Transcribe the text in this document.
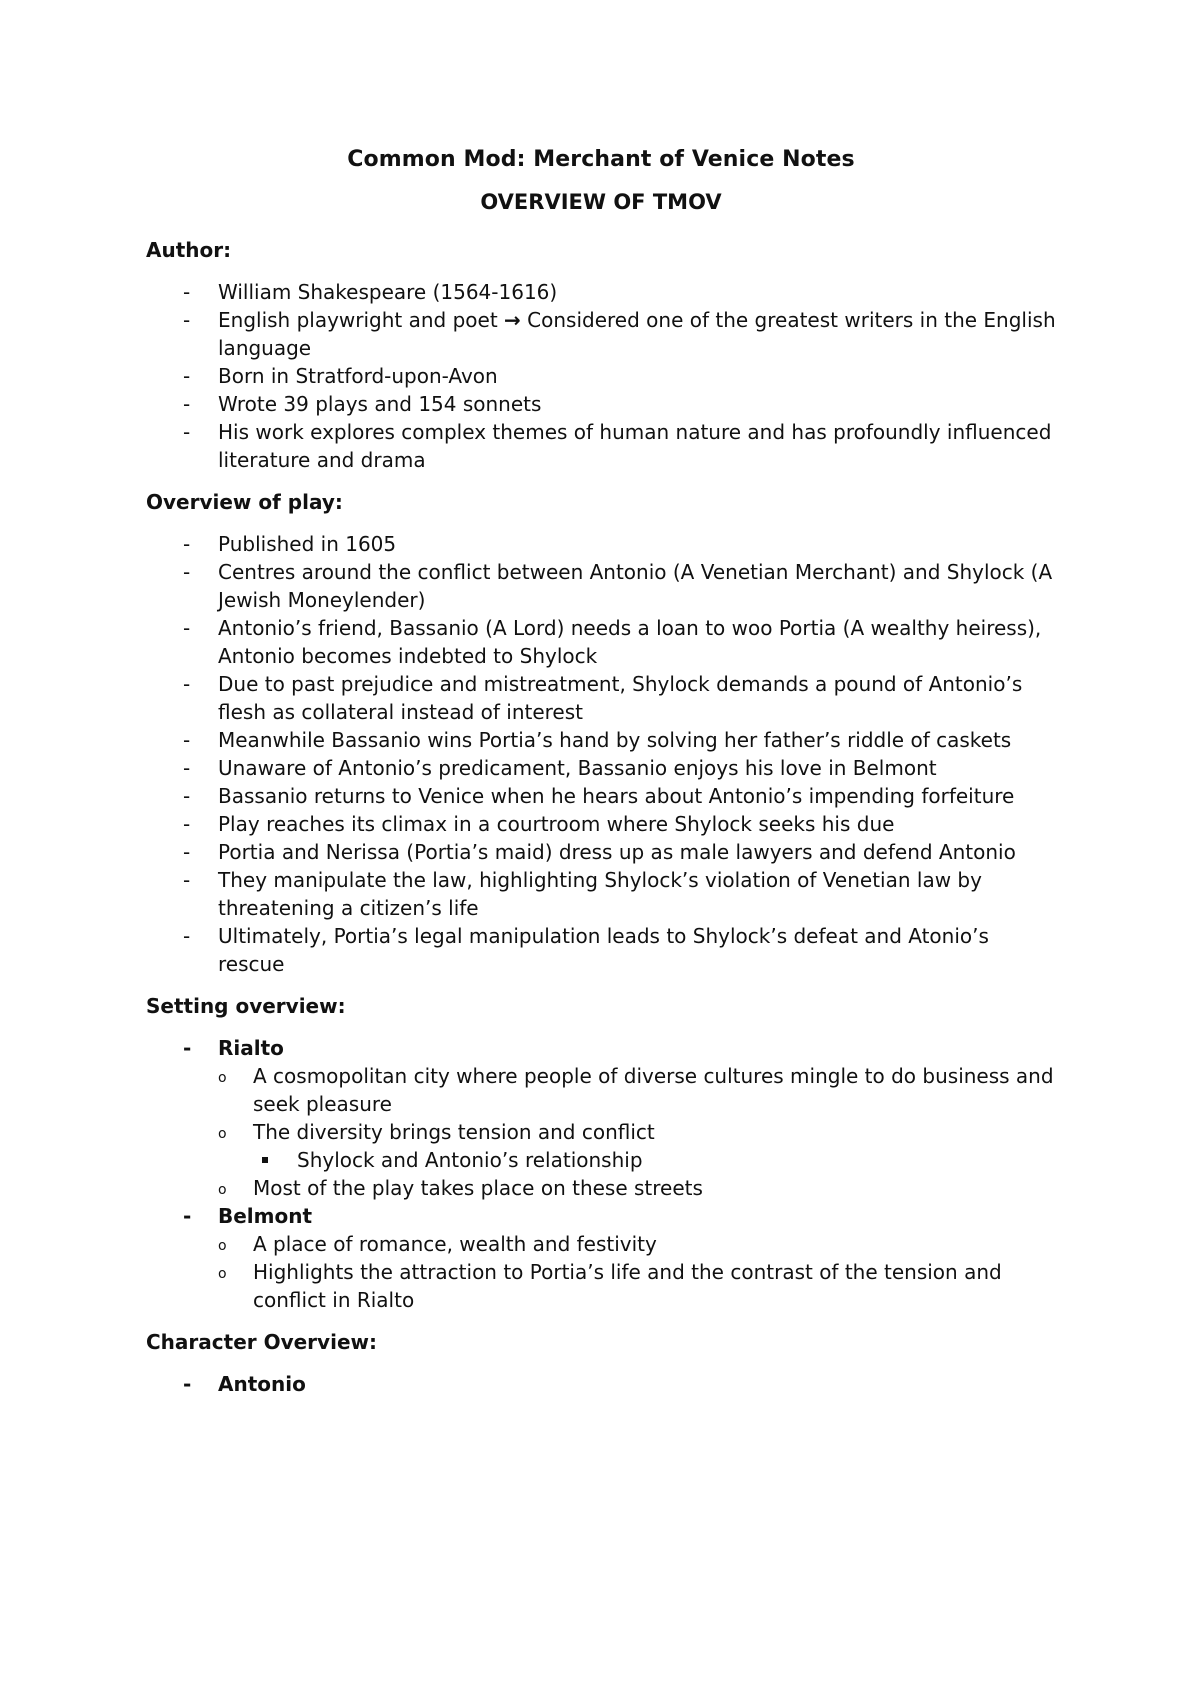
Common Mod: Merchant of Venice Notes
OVERVIEW OF TMOV
Author:
- William Shakespeare (1564-1616)
- English playwright and poet → Considered one of the greatest writers in the English language
- Born in Stratford-upon-Avon
- Wrote 39 plays and 154 sonnets
- His work explores complex themes of human nature and has profoundly influenced literature and drama
Overview of play:
- Published in 1605
- Centres around the conflict between Antonio (A Venetian Merchant) and Shylock (A Jewish Moneylender)
- Antonio’s friend, Bassanio (A Lord) needs a loan to woo Portia (A wealthy heiress), Antonio becomes indebted to Shylock
- Due to past prejudice and mistreatment, Shylock demands a pound of Antonio’s flesh as collateral instead of interest
- Meanwhile Bassanio wins Portia’s hand by solving her father’s riddle of caskets
- Unaware of Antonio’s predicament, Bassanio enjoys his love in Belmont
- Bassanio returns to Venice when he hears about Antonio’s impending forfeiture
- Play reaches its climax in a courtroom where Shylock seeks his due
- Portia and Nerissa (Portia’s maid) dress up as male lawyers and defend Antonio
- They manipulate the law, highlighting Shylock’s violation of Venetian law by threatening a citizen’s life
- Ultimately, Portia’s legal manipulation leads to Shylock’s defeat and Atonio’s rescue
Setting overview:
- Rialto
o A cosmopolitan city where people of diverse cultures mingle to do business and seek pleasure
o The diversity brings tension and conflict
Shylock and Antonio’s relationship
o Most of the play takes place on these streets
- Belmont
o A place of romance, wealth and festivity
o Highlights the attraction to Portia’s life and the contrast of the tension and conflict in Rialto
Character Overview:
- Antonio
